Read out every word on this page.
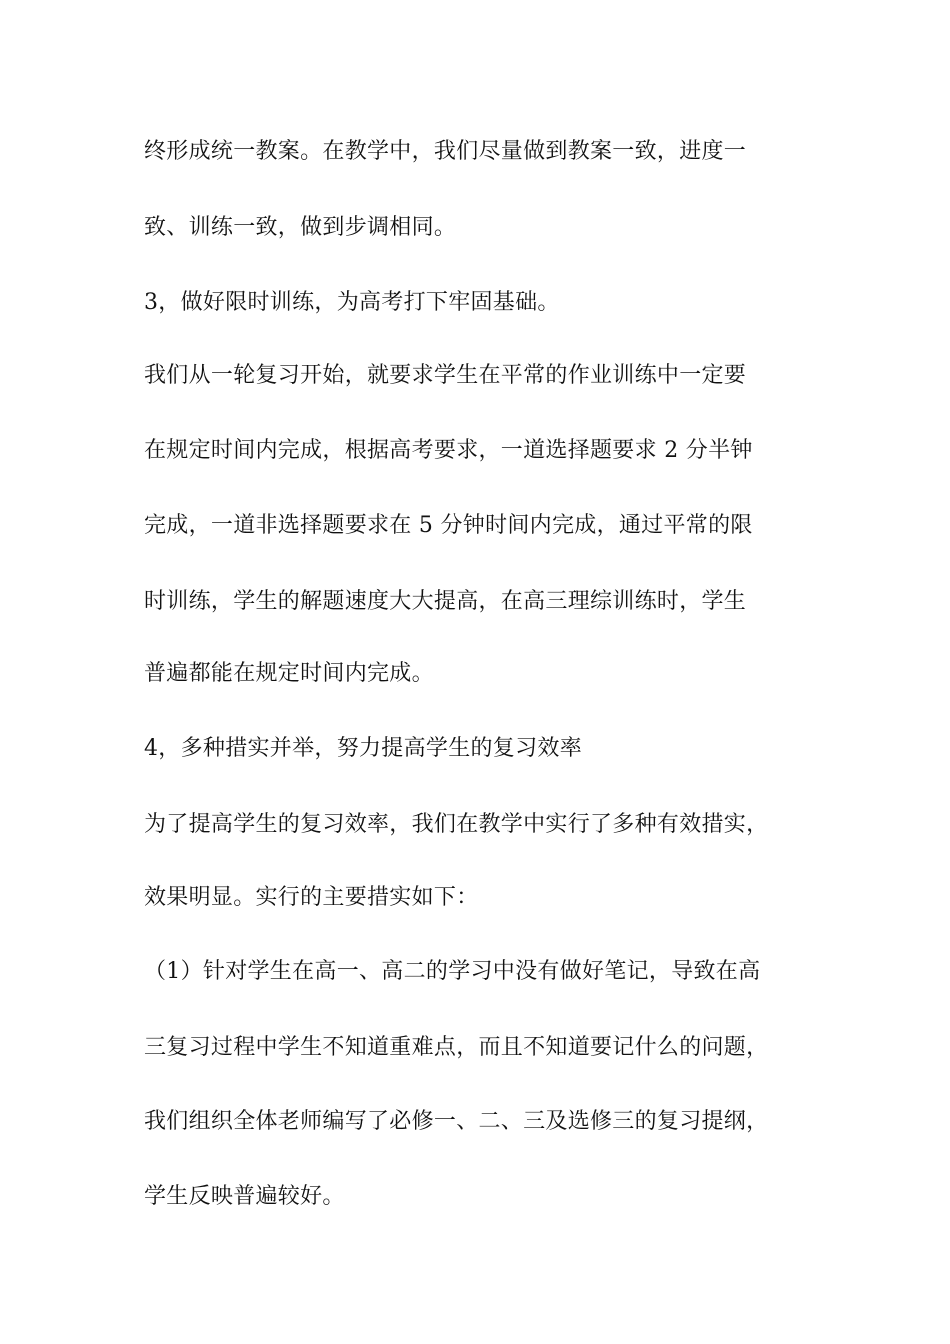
终形成统一教案。在教学中，我们尽量做到教案一致，进度一

致、训练一致，做到步调相同。

3，做好限时训练，为高考打下牢固基础。

我们从一轮复习开始，就要求学生在平常的作业训练中一定要

在规定时间内完成，根据高考要求，一道选择题要求 2 分半钟

完成，一道非选择题要求在 5 分钟时间内完成，通过平常的限

时训练，学生的解题速度大大提高，在高三理综训练时，学生

普遍都能在规定时间内完成。

4，多种措实并举，努力提高学生的复习效率

为了提高学生的复习效率，我们在教学中实行了多种有效措实，

效果明显。实行的主要措实如下：

（1）针对学生在高一、高二的学习中没有做好笔记，导致在高

三复习过程中学生不知道重难点，而且不知道要记什么的问题，

我们组织全体老师编写了必修一、二、三及选修三的复习提纲，

学生反映普遍较好。
